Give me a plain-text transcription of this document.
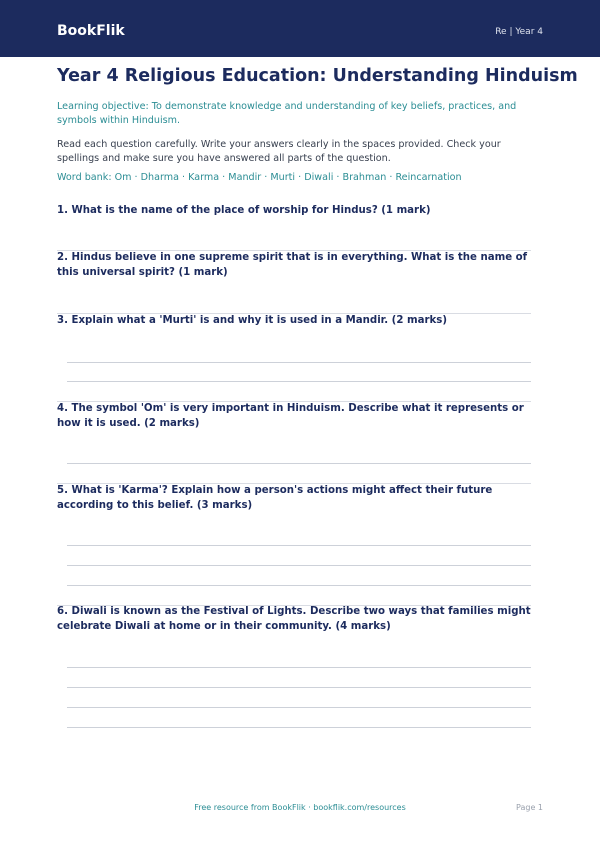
BookFlik	Re | Year 4
Year 4 Religious Education: Understanding Hinduism
Learning objective: To demonstrate knowledge and understanding of key beliefs, practices, and symbols within Hinduism.
Read each question carefully. Write your answers clearly in the spaces provided. Check your spellings and make sure you have answered all parts of the question.
Word bank: Om · Dharma · Karma · Mandir · Murti · Diwali · Brahman · Reincarnation
1. What is the name of the place of worship for Hindus? (1 mark)
2. Hindus believe in one supreme spirit that is in everything. What is the name of this universal spirit? (1 mark)
3. Explain what a 'Murti' is and why it is used in a Mandir. (2 marks)
4. The symbol 'Om' is very important in Hinduism. Describe what it represents or how it is used. (2 marks)
5. What is 'Karma'? Explain how a person's actions might affect their future according to this belief. (3 marks)
6. Diwali is known as the Festival of Lights. Describe two ways that families might celebrate Diwali at home or in their community. (4 marks)
Free resource from BookFlik · bookflik.com/resources	Page 1
